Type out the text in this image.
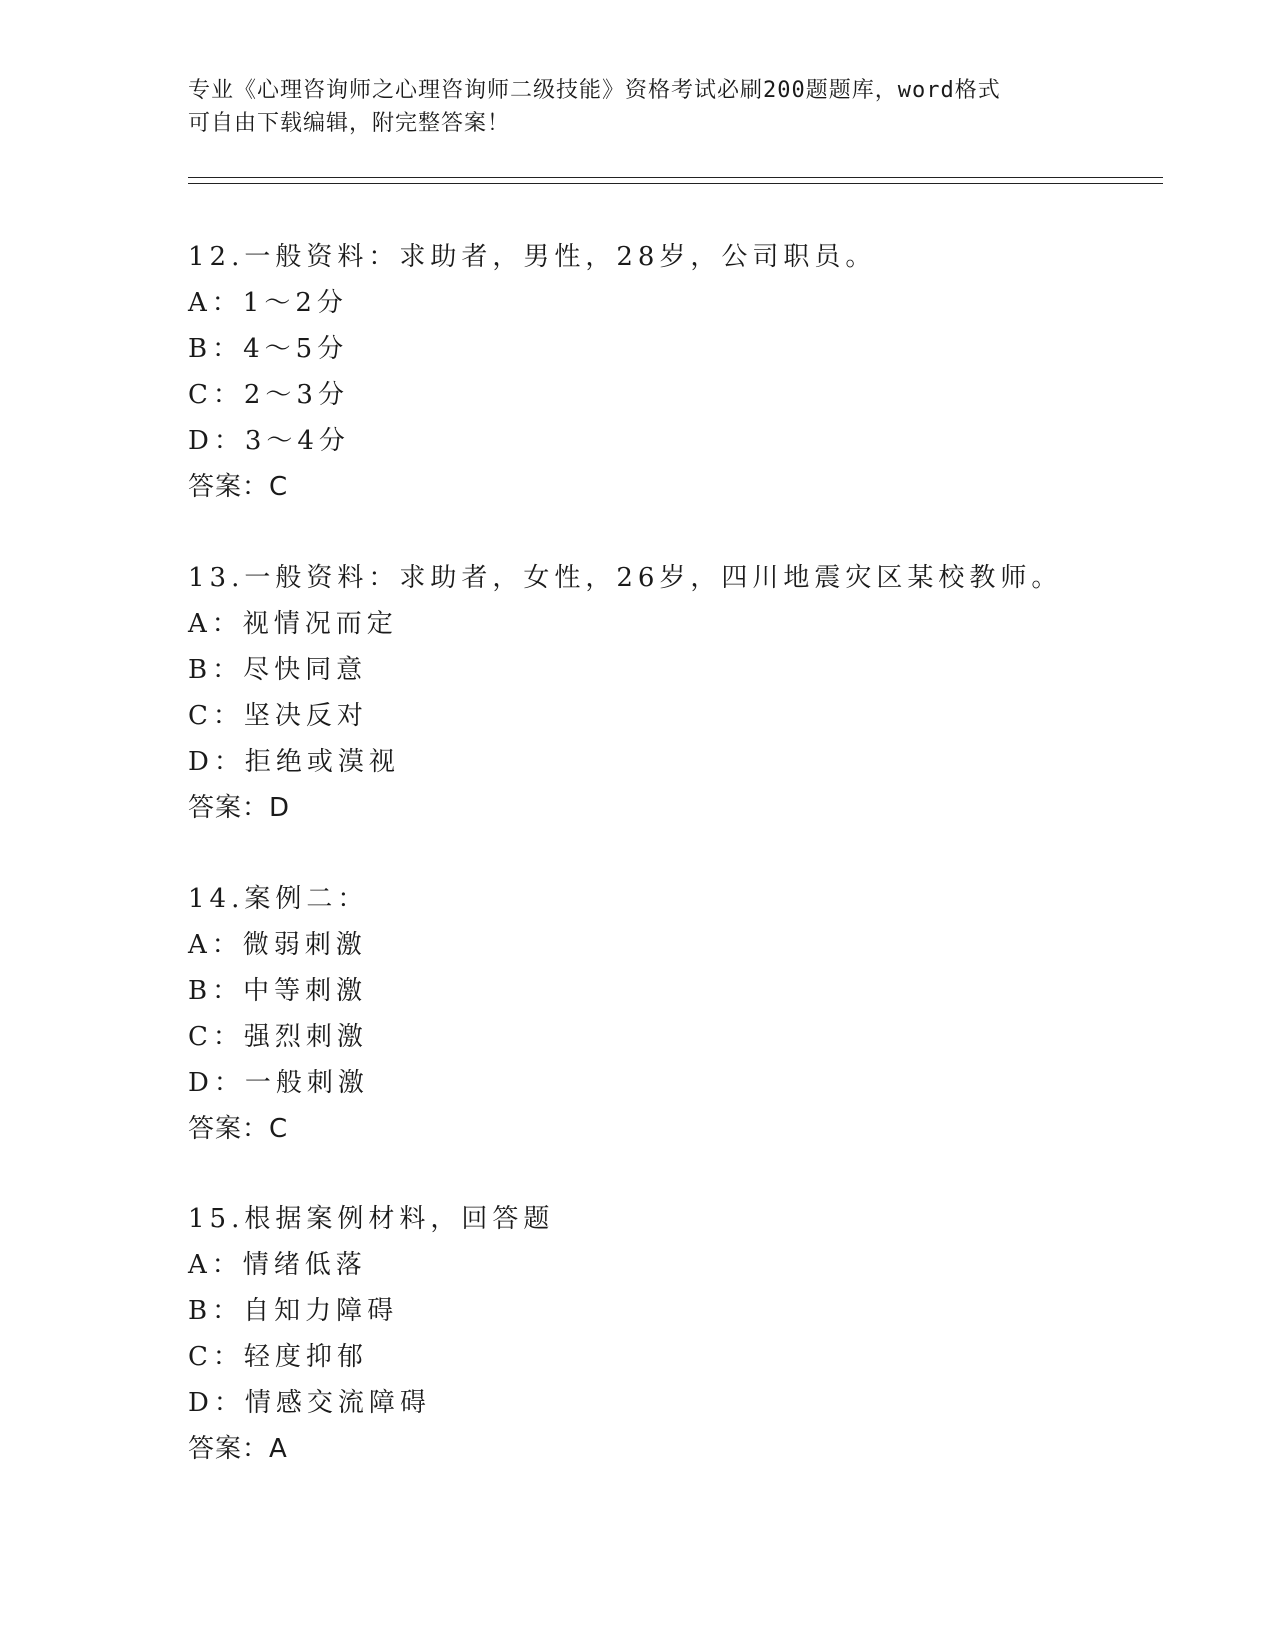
专业《心理咨询师之心理咨询师二级技能》资格考试必刷200题题库，word格式
可自由下载编辑，附完整答案！
12.一般资料：求助者，男性，28岁，公司职员。
A：1～2分
B：4～5分
C：2～3分
D：3～4分
答案：C
13.一般资料：求助者，女性，26岁，四川地震灾区某校教师。
A：视情况而定
B：尽快同意
C：坚决反对
D：拒绝或漠视
答案：D
14.案例二：
A：微弱刺激
B：中等刺激
C：强烈刺激
D：一般刺激
答案：C
15.根据案例材料，回答题
A：情绪低落
B：自知力障碍
C：轻度抑郁
D：情感交流障碍
答案：A
